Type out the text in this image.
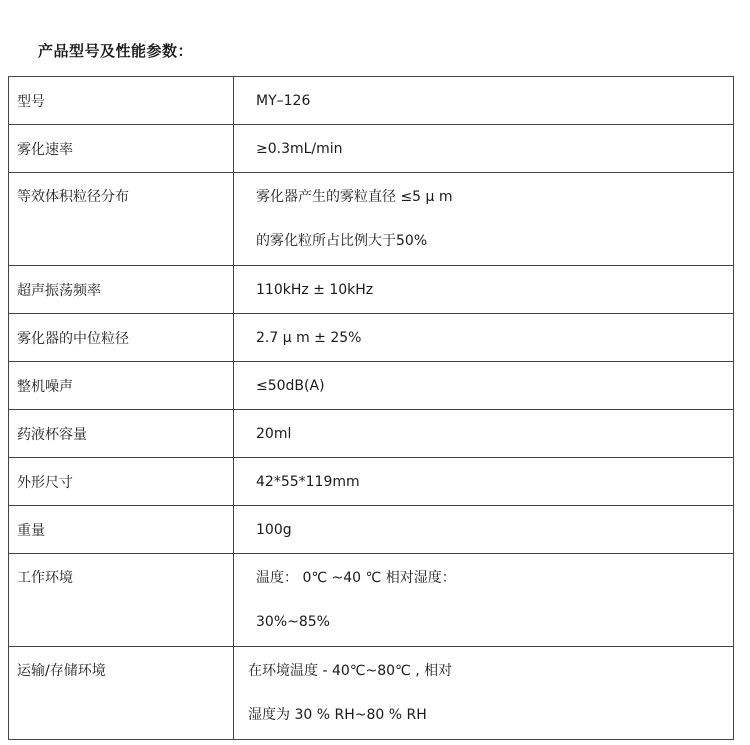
产品型号及性能参数：
型号	MY–126
雾化速率	≥0.3mL/min
等效体积粒径分布	雾化器产生的雾粒直径 ≤5 μ m
的雾化粒所占比例大于50%
超声振荡频率	110kHz ± 10kHz
雾化器的中位粒径	2.7 μ m ± 25%
整机噪声	≤50dB(A)
药液杯容量	20ml
外形尺寸	42*55*119mm
重量	100g
工作环境	温度： 0℃ ~40 ℃ 相对湿度：
30%~85%
运输/存储环境	在环境温度 - 40℃~80℃ , 相对
湿度为 30 % RH~80 % RH
